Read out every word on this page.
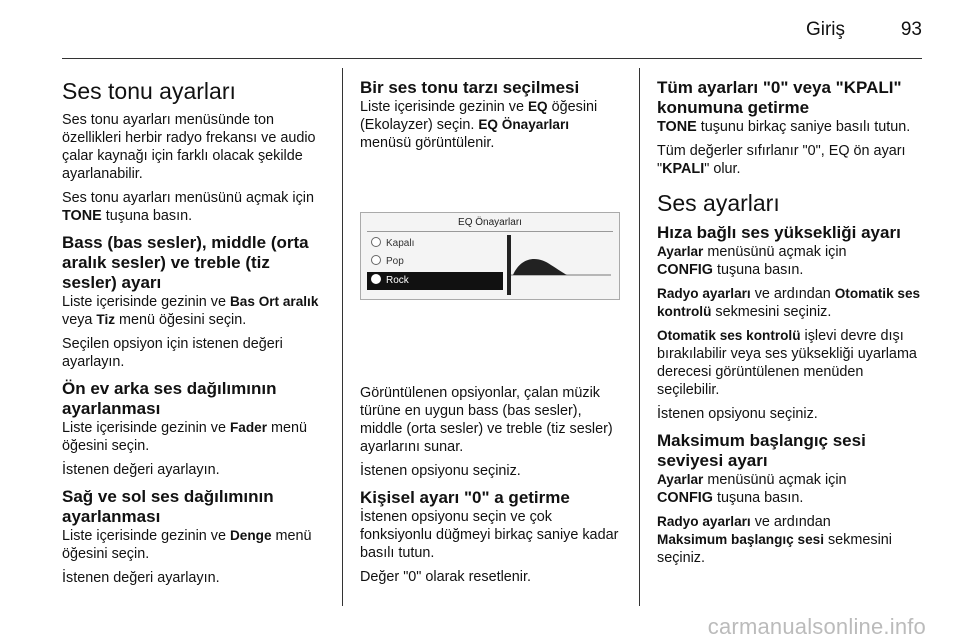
Giriş	93
Ses tonu ayarları

Ses tonu ayarları menüsünde ton özellikleri herbir radyo frekansı ve audio çalar kaynağı için farklı olacak şekilde ayarlanabilir.

Ses tonu ayarları menüsünü açmak için TONE tuşuna basın.

Bass (bas sesler), middle (orta aralık sesler) ve treble (tiz sesler) ayarı

Liste içerisinde gezinin ve Bas Ort aralık veya Tiz menü öğesini seçin.

Seçilen opsiyon için istenen değeri ayarlayın.

Ön ev arka ses dağılımının ayarlanması

Liste içerisinde gezinin ve Fader menü öğesini seçin.

İstenen değeri ayarlayın.

Sağ ve sol ses dağılımının ayarlanması

Liste içerisinde gezinin ve Denge menü öğesini seçin.

İstenen değeri ayarlayın.

Bir ses tonu tarzı seçilmesi

Liste içerisinde gezinin ve EQ öğesini (Ekolayzer) seçin. EQ Önayarları menüsü görüntülenir.

EQ Önayarları
Kapalı
Pop
Rock

Görüntülenen opsiyonlar, çalan müzik türüne en uygun bass (bas sesler), middle (orta sesler) ve treble (tiz sesler) ayarlarını sunar.

İstenen opsiyonu seçiniz.

Kişisel ayarı "0" a getirme

İstenen opsiyonu seçin ve çok fonksiyonlu düğmeyi birkaç saniye kadar basılı tutun.

Değer "0" olarak resetlenir.

Tüm ayarları "0" veya "KPALI" konumuna getirme

TONE tuşunu birkaç saniye basılı tutun.

Tüm değerler sıfırlanır "0", EQ ön ayarı "KPALI" olur.

Ses ayarları
Hıza bağlı ses yüksekliği ayarı

Ayarlar menüsünü açmak için
CONFIG tuşuna basın.

Radyo ayarları ve ardından Otomatik ses kontrolü sekmesini seçiniz.

Otomatik ses kontrolü işlevi devre dışı bırakılabilir veya ses yüksekliği uyarlama derecesi görüntülenen menüden seçilebilir.

İstenen opsiyonu seçiniz.

Maksimum başlangıç sesi seviyesi ayarı

Ayarlar menüsünü açmak için
CONFIG tuşuna basın.

Radyo ayarları ve ardından
Maksimum başlangıç sesi sekmesini seçiniz.

carmanualsonline.info
